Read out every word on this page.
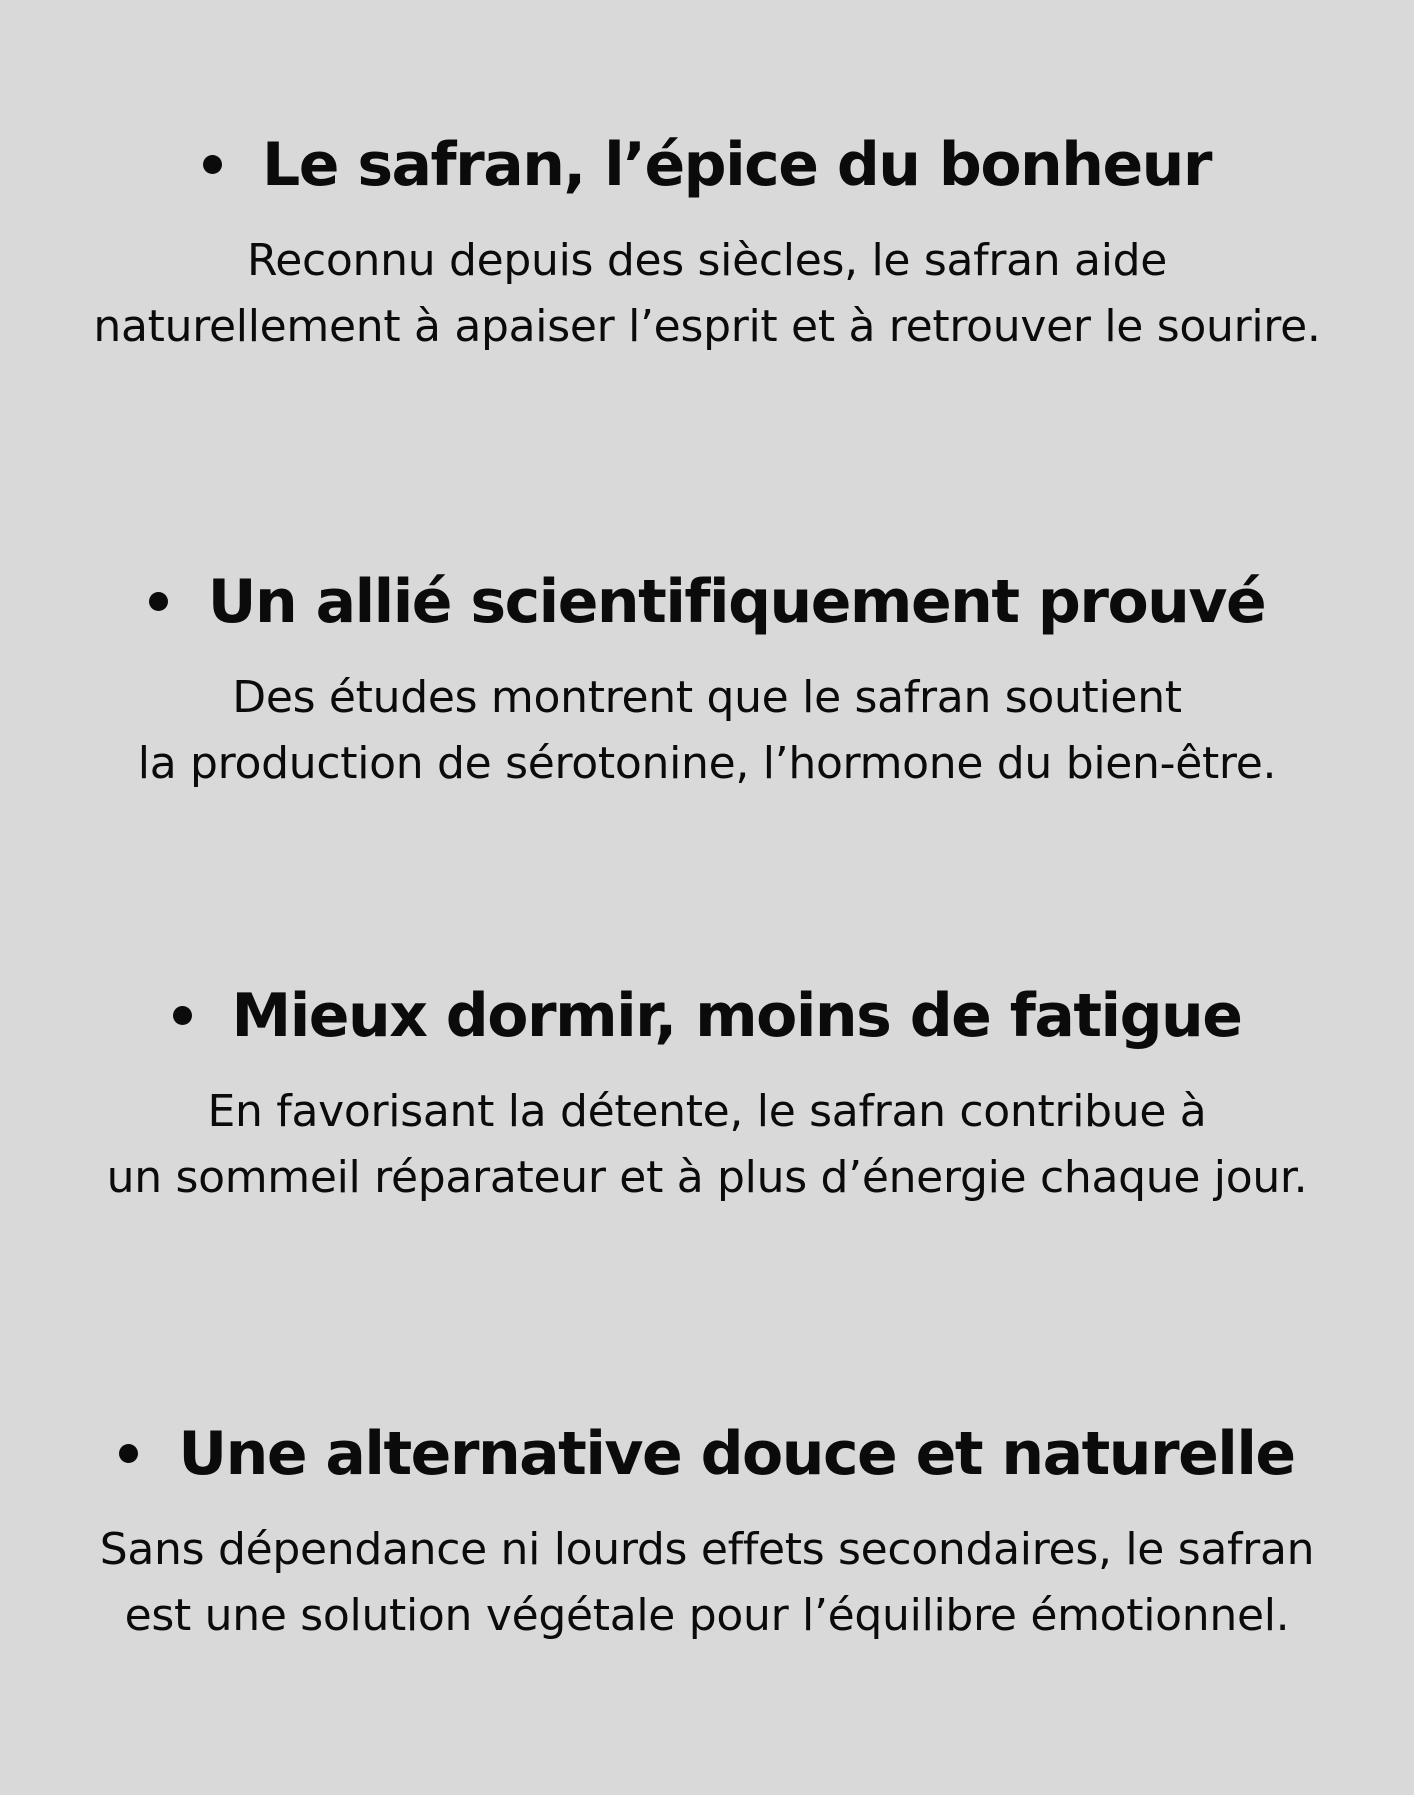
Le safran, l’épice du bonheur

Reconnu depuis des siècles, le safran aide
naturellement à apaiser l’esprit et à retrouver le sourire.

Un allié scientifiquement prouvé

Des études montrent que le safran soutient
la production de sérotonine, l’hormone du bien-être.

Mieux dormir, moins de fatigue

En favorisant la détente, le safran contribue à
un sommeil réparateur et à plus d’énergie chaque jour.

Une alternative douce et naturelle

Sans dépendance ni lourds effets secondaires, le safran
est une solution végétale pour l’équilibre émotionnel.
